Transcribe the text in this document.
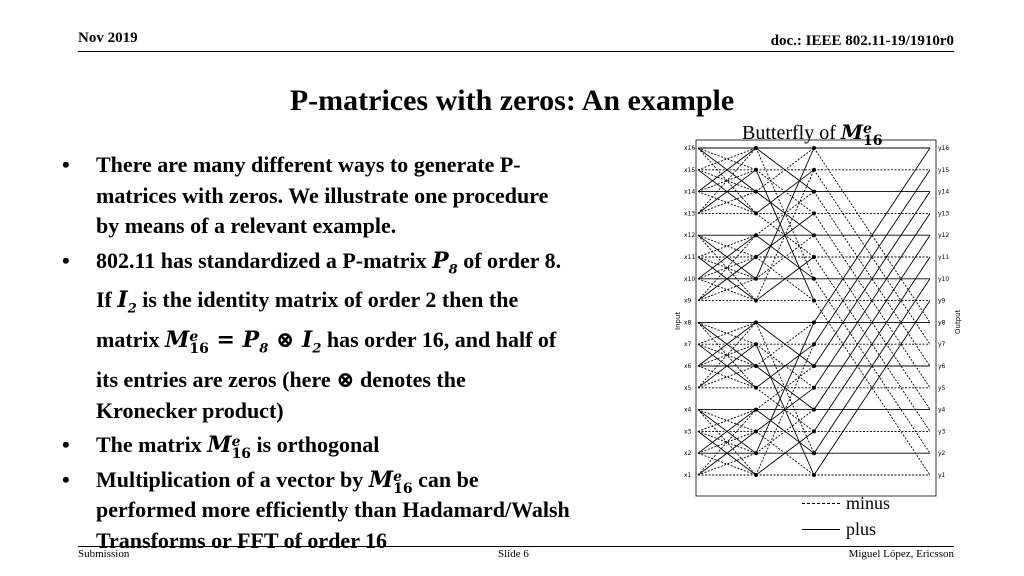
Nov 2019	doc.: IEEE 802.11-19/1910r0
P-matrices with zeros: An example
• There are many different ways to generate P-
matrices with zeros. We illustrate one procedure
by means of a relevant example.
• 802.11 has standardized a P-matrix $P_8$ of order 8.
If $I_2$ is the identity matrix of order 2 then the
matrix M e
$16 = P_8$ ⊗ $I_2$ has order 16, and half of
its entries are zeros (here ⊗ denotes the
Kronecker product)
• The matrix M e
16 is orthogonal
• Multiplication of a vector by M e
16 can be
performed more efficiently than Hadamard/Walsh
Transforms or FFT of order 16
Butterfly of M e
16
x16
x15
x14
x13
x12
x11
x10
x9
x8
x7
x6
x5
x4
x3
x2
x1
y16
y15
y14
y13
y12
y11
y10
y9
y8
y7
y6
y5
y4
y3
y2
y1
Input	Output
minus
plus
Submission	Slide 6	Miguel López, Ericsson
